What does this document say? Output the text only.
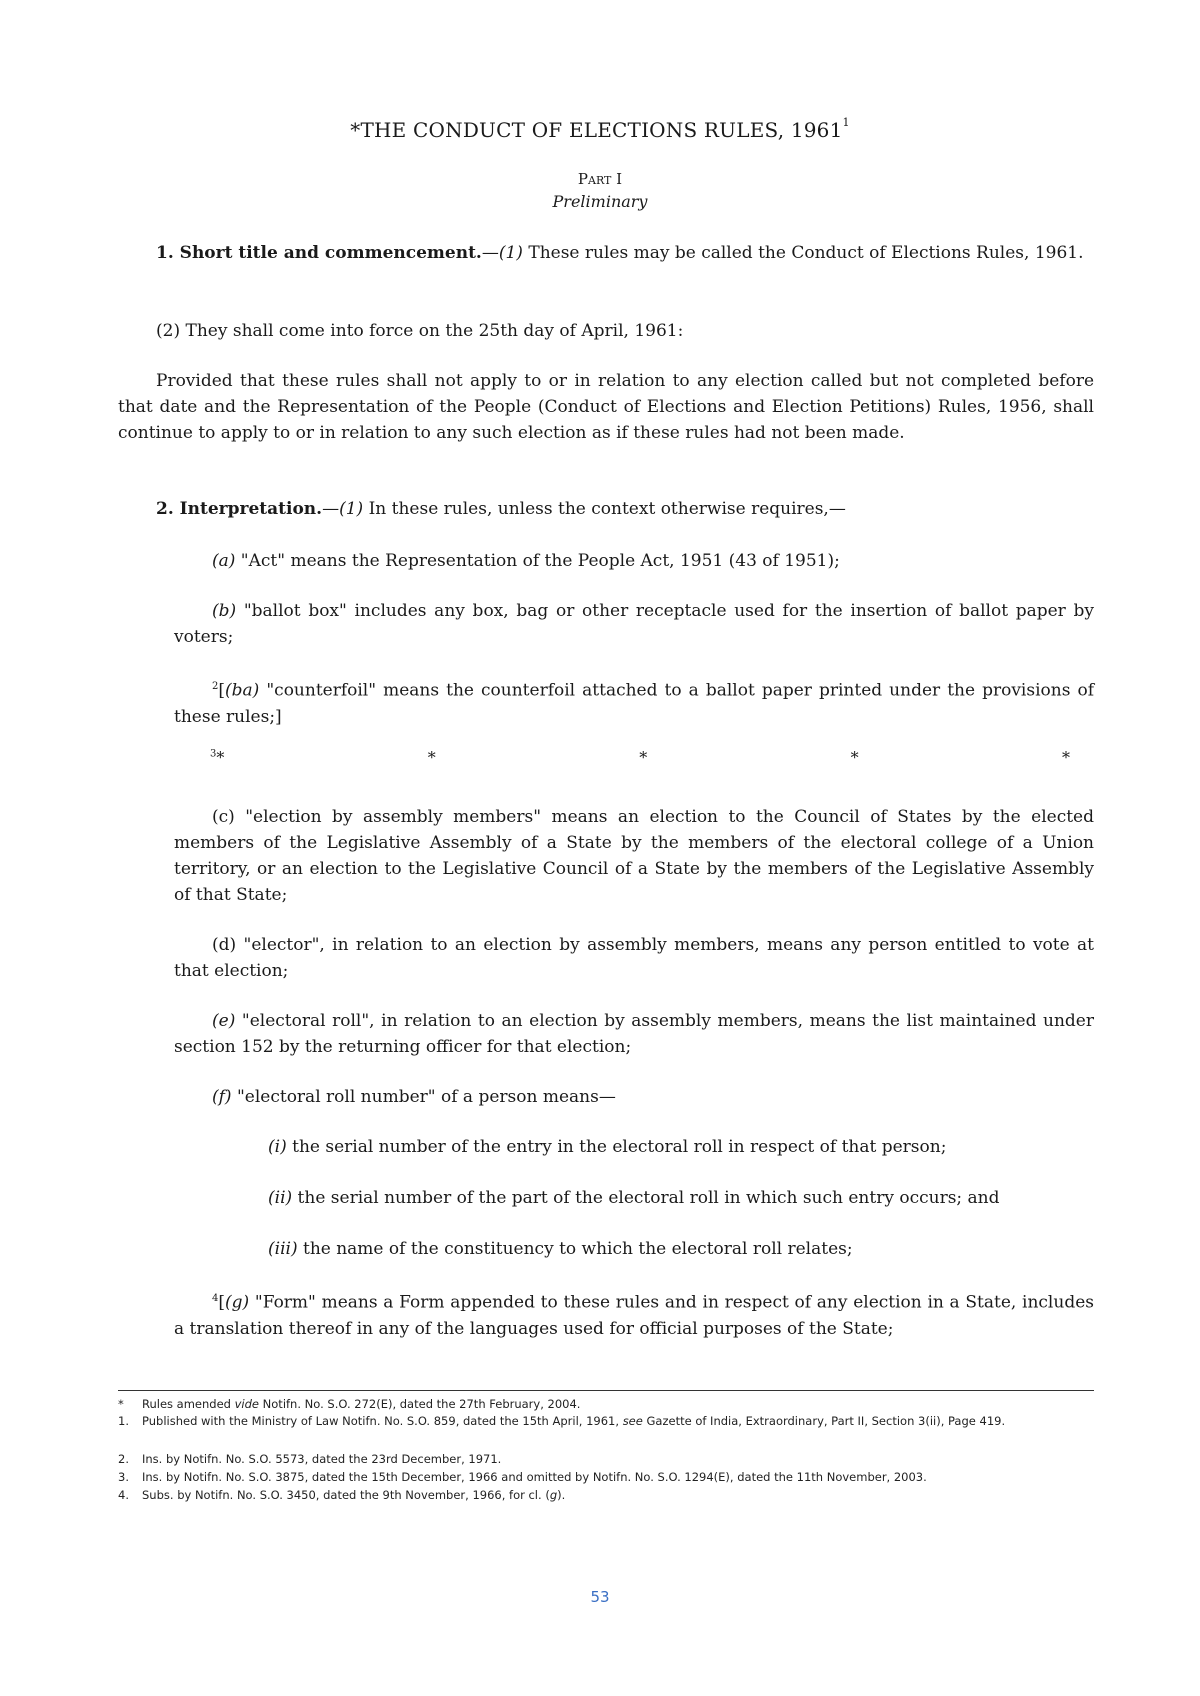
*THE CONDUCT OF ELECTIONS RULES, 1961$^1$
Part I
Preliminary
1. Short title and commencement.—(1) These rules may be called the Conduct of Elections Rules, 1961.
(2) They shall come into force on the 25th day of April, 1961:
Provided that these rules shall not apply to or in relation to any election called but not completed before that date and the Representation of the People (Conduct of Elections and Election Petitions) Rules, 1956, shall continue to apply to or in relation to any such election as if these rules had not been made.
2. Interpretation.—(1) In these rules, unless the context otherwise requires,—
(a) "Act" means the Representation of the People Act, 1951 (43 of 1951);
(b) "ballot box" includes any box, bag or other receptacle used for the insertion of ballot paper by voters;
$^2$[(ba) "counterfoil" means the counterfoil attached to a ballot paper printed under the provisions of these rules;]
$^3$*	*	*	*	*
(c) "election by assembly members" means an election to the Council of States by the elected members of the Legislative Assembly of a State by the members of the electoral college of a Union territory, or an election to the Legislative Council of a State by the members of the Legislative Assembly of that State;
(d) "elector", in relation to an election by assembly members, means any person entitled to vote at that election;
(e) "electoral roll", in relation to an election by assembly members, means the list maintained under section 152 by the returning officer for that election;
(f) "electoral roll number" of a person means—
(i) the serial number of the entry in the electoral roll in respect of that person;
(ii) the serial number of the part of the electoral roll in which such entry occurs; and
(iii) the name of the constituency to which the electoral roll relates;
$^4$[(g) "Form" means a Form appended to these rules and in respect of any election in a State, includes a translation thereof in any of the languages used for official purposes of the State;
* Rules amended vide Notifn. No. S.O. 272(E), dated the 27th February, 2004.
1. Published with the Ministry of Law Notifn. No. S.O. 859, dated the 15th April, 1961, see Gazette of India, Extraordinary, Part II, Section 3(ii), Page 419.
2. Ins. by Notifn. No. S.O. 5573, dated the 23rd December, 1971.
3. Ins. by Notifn. No. S.O. 3875, dated the 15th December, 1966 and omitted by Notifn. No. S.O. 1294(E), dated the 11th November, 2003.
4. Subs. by Notifn. No. S.O. 3450, dated the 9th November, 1966, for cl. (g).
53
